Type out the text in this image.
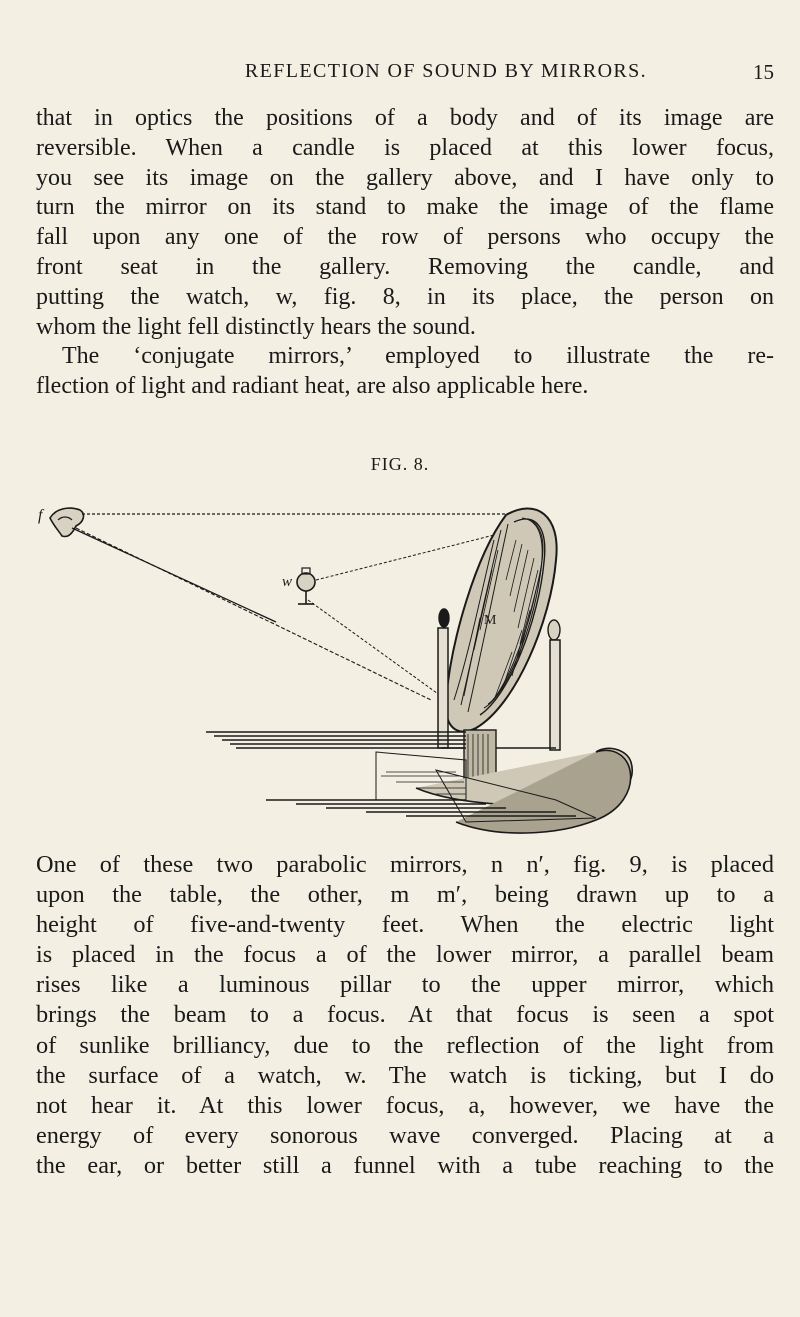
REFLECTION OF SOUND BY MIRRORS.	15
that in optics the positions of a body and of its image are
reversible. When a candle is placed at this lower focus,
you see its image on the gallery above, and I have only to
turn the mirror on its stand to make the image of the flame
fall upon any one of the row of persons who occupy the
front seat in the gallery. Removing the candle, and
putting the watch, w, fig. 8, in its place, the person on
whom the light fell distinctly hears the sound.
The ‘conjugate mirrors,’ employed to illustrate the re-
flection of light and radiant heat, are also applicable here.
FIG. 8.
f
w
M
One of these two parabolic mirrors, n n′, fig. 9, is placed
upon the table, the other, m m′, being drawn up to a
height of five-and-twenty feet. When the electric light
is placed in the focus a of the lower mirror, a parallel beam
rises like a luminous pillar to the upper mirror, which
brings the beam to a focus. At that focus is seen a spot
of sunlike brilliancy, due to the reflection of the light from
the surface of a watch, w. The watch is ticking, but I do
not hear it. At this lower focus, a, however, we have the
energy of every sonorous wave converged. Placing at a
the ear, or better still a funnel with a tube reaching to the
